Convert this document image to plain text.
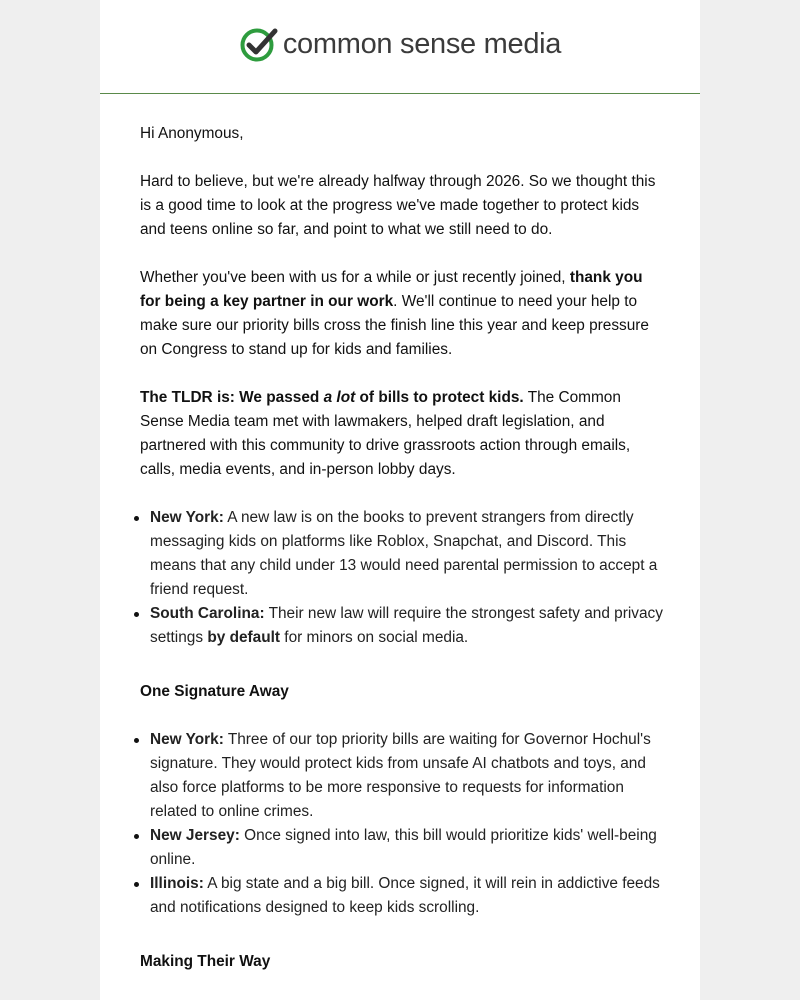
common sense media

Hi Anonymous,

Hard to believe, but we're already halfway through 2026. So we thought this is a good time to look at the progress we've made together to protect kids and teens online so far, and point to what we still need to do.

Whether you've been with us for a while or just recently joined, thank you for being a key partner in our work. We'll continue to need your help to make sure our priority bills cross the finish line this year and keep pressure on Congress to stand up for kids and families.

The TLDR is: We passed a lot of bills to protect kids. The Common Sense Media team met with lawmakers, helped draft legislation, and partnered with this community to drive grassroots action through emails, calls, media events, and in-person lobby days.

New York: A new law is on the books to prevent strangers from directly messaging kids on platforms like Roblox, Snapchat, and Discord. This means that any child under 13 would need parental permission to accept a friend request.
South Carolina: Their new law will require the strongest safety and privacy settings by default for minors on social media.
One Signature Away
New York: Three of our top priority bills are waiting for Governor Hochul's signature. They would protect kids from unsafe AI chatbots and toys, and also force platforms to be more responsive to requests for information related to online crimes.
New Jersey: Once signed into law, this bill would prioritize kids' well-being online.
Illinois: A big state and a big bill. Once signed, it will rein in addictive feeds and notifications designed to keep kids scrolling.
Making Their Way
